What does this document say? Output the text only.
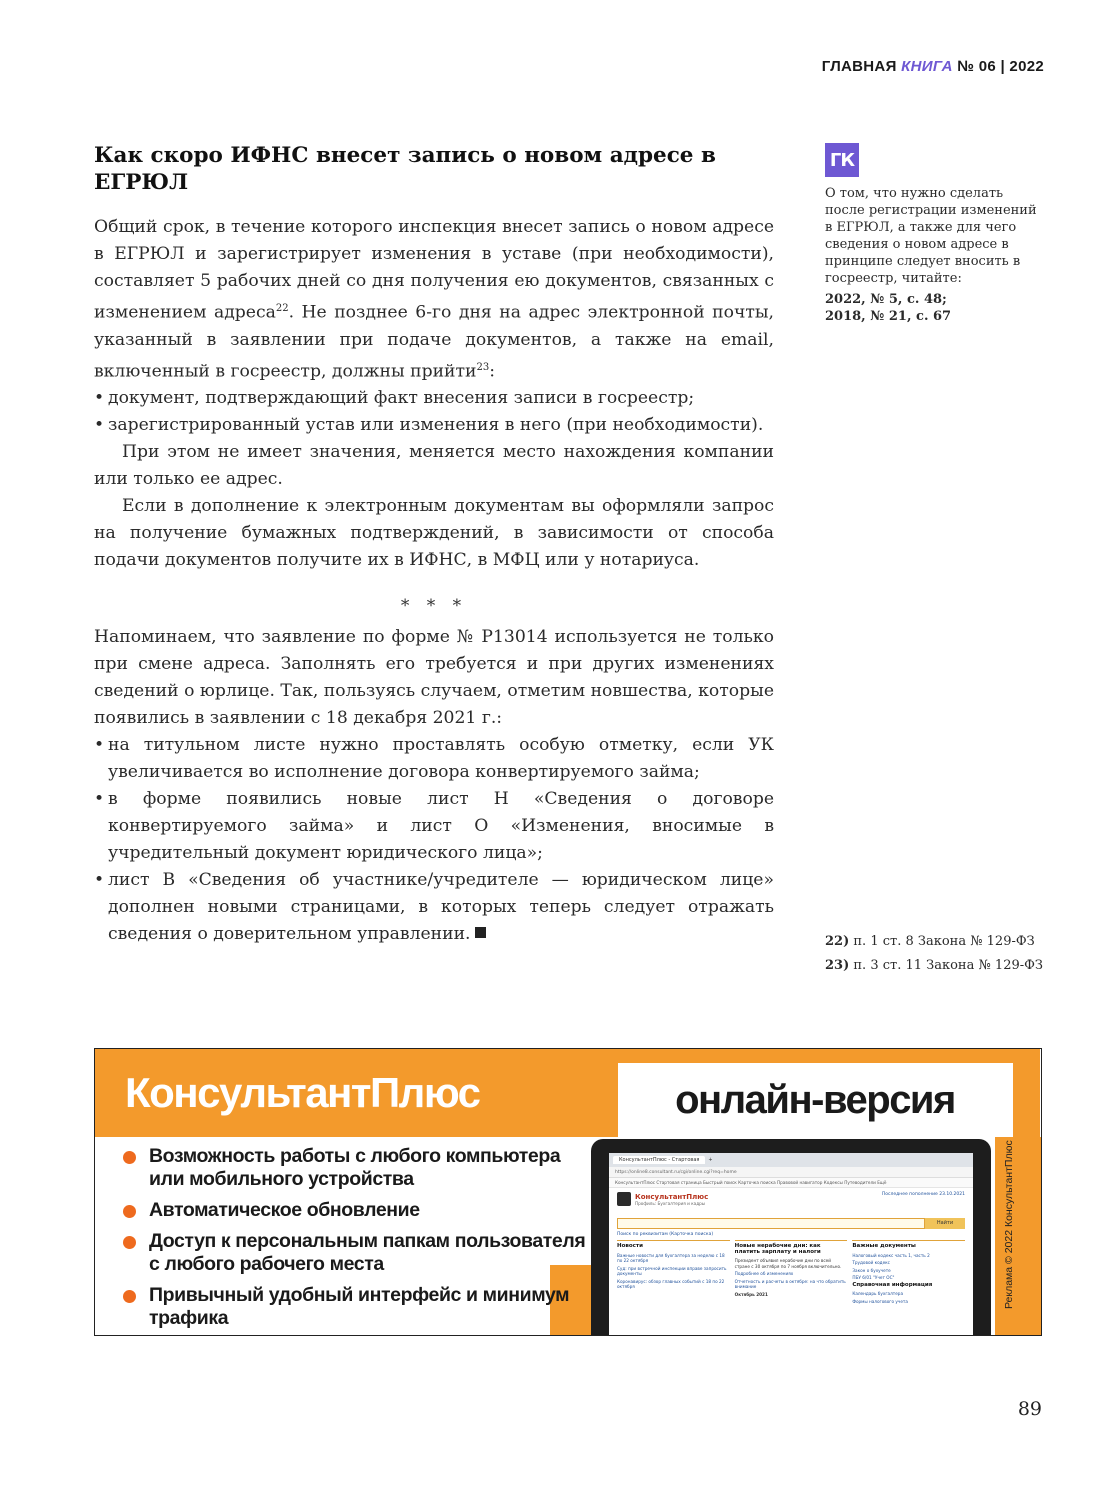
ГЛАВНАЯ КНИГА № 06 | 2022
Как скоро ИФНС внесет запись о новом адресе в ЕГРЮЛ

Общий срок, в течение которого инспекция внесет запись о новом адресе в ЕГРЮЛ и зарегистрирует изменения в уставе (при необходимости), составляет 5 рабочих дней со дня получения ею документов, связанных с изменением адреса$^{22}$. Не позднее 6-го дня на адрес электронной почты, указанный в заявлении при подаче документов, а также на email, включенный в госреестр, должны прийти$^{23}$:

• документ, подтверждающий факт внесения записи в госреестр;
• зарегистрированный устав или изменения в него (при необходимости).

При этом не имеет значения, меняется место нахождения компании или только ее адрес.

Если в дополнение к электронным документам вы оформляли запрос на получение бумажных подтверждений, в зависимости от способа подачи документов получите их в ИФНС, в МФЦ или у нотариуса.

* * *

Напоминаем, что заявление по форме № Р13014 используется не только при смене адреса. Заполнять его требуется и при других изменениях сведений о юрлице. Так, пользуясь случаем, отметим новшества, которые появились в заявлении с 18 декабря 2021 г.:

• на титульном листе нужно проставлять особую отметку, если УК увеличивается во исполнение договора конвертируемого займа;
• в форме появились новые лист Н «Сведения о договоре конвертируемого займа» и лист О «Изменения, вносимые в учредительный документ юридического лица»;
• лист В «Сведения об участнике/учредителе — юридическом лице» дополнен новыми страницами, в которых теперь следует отражать сведения о доверительном управлении.
ГК

О том, что нужно сделать после регистрации изменений в ЕГРЮЛ, а также для чего сведения о новом адресе в принципе следует вносить в госреестр, читайте:

2022, № 5, с. 48;

2018, № 21, с. 67

22) п. 1 ст. 8 Закона № 129-ФЗ
23) п. 3 ст. 11 Закона № 129-ФЗ
КонсультантПлюс	онлайн-версия
Возможность работы с любого компьютера или мобильного устройства
Автоматическое обновление
Доступ к персональным папкам пользователя с любого рабочего места
Привычный удобный интерфейс и минимум трафика
КонсультантПлюс - Стартовая	+
https://online8.consultant.ru/cgi/online.cgi?req=home
КонсультантПлюс Стартовая страница Быстрый поиск Карточка поиска Правовой навигатор Кодексы Путеводители Ещё
КонсультантПлюс
Профиль: Бухгалтерия и кадры
Последнее пополнение 23.10.2021
Найти
Поиск по реквизитам (Карточка поиска)
Новости
Важные новости для бухгалтера за неделю с 18 по 22 октября
Суд: при встречной инспекции вправе запросить документы
Коронавирус: обзор главных событий с 18 по 22 октября
Новые нерабочие дни: как платить зарплату и налоги
Президент объявил нерабочие дни по всей стране с 30 октября по 7 ноября включительно.
Подробнее об изменениях
Отчетность и расчеты в октябре: на что обратить внимание
Октябрь 2021
Важные документы
Налоговый кодекс часть 1, часть 2
Трудовой кодекс
Закон о бухучете
ПБУ 6/01 "Учет ОС"
Справочная информация
Календарь бухгалтера
Формы налогового учета	Реклама © 2022 КонсультантПлюс
89
